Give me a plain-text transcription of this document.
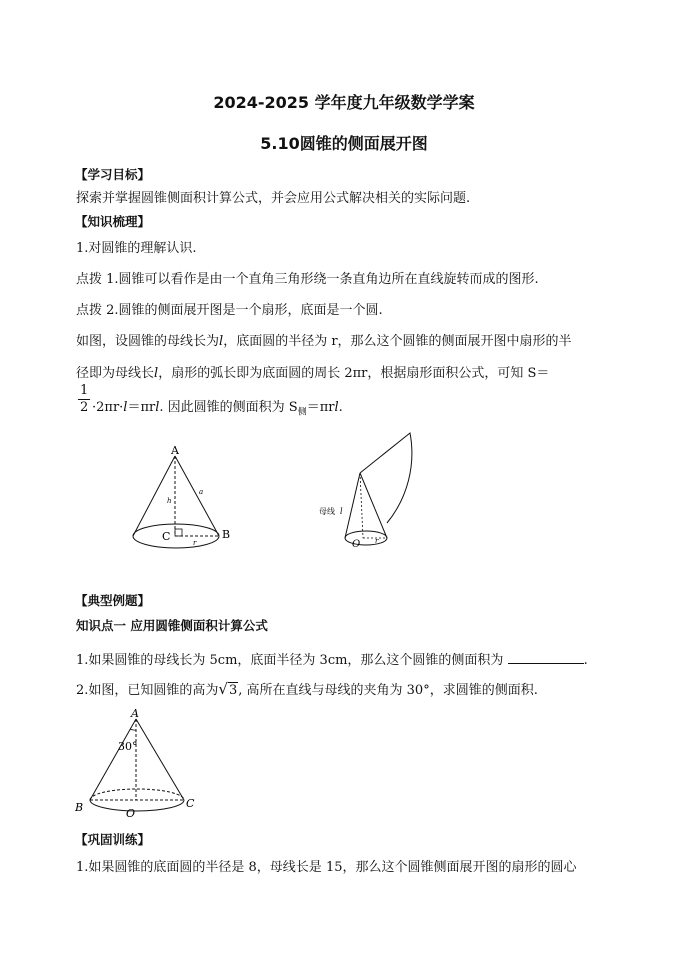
2024-2025 学年度九年级数学学案
5.10圆锥的侧面展开图
【学习目标】
探索并掌握圆锥侧面积计算公式，并会应用公式解决相关的实际问题.
【知识梳理】
1.对圆锥的理解认识.
点拨 1.圆锥可以看作是由一个直角三角形绕一条直角边所在直线旋转而成的图形.
点拨 2.圆锥的侧面展开图是一个扇形，底面是一个圆.
如图，设圆锥的母线长为l，底面圆的半径为 r，那么这个圆锥的侧面展开图中扇形的半
径即为母线长l，扇形的弧长即为底面圆的周长 2πr，根据扇形面积公式，可知 S＝
$\frac{1}{2} \cdot 2\pi r\cdot l=\pi rl$. 因此圆锥的侧面积为 $S_侧=\pi rl$.
A
C	B
h
a
r
母线 l
O r
【典型例题】
知识点一 应用圆锥侧面积计算公式
1.如果圆锥的母线长为 5cm，底面半径为 3cm，那么这个圆锥的侧面积为	.
2.如图，已知圆锥的高为√3, 高所在直线与母线的夹角为 30°，求圆锥的侧面积.
A
30°
B	C
O
【巩固训练】
1.如果圆锥的底面圆的半径是 8，母线长是 15，那么这个圆锥侧面展开图的扇形的圆心
